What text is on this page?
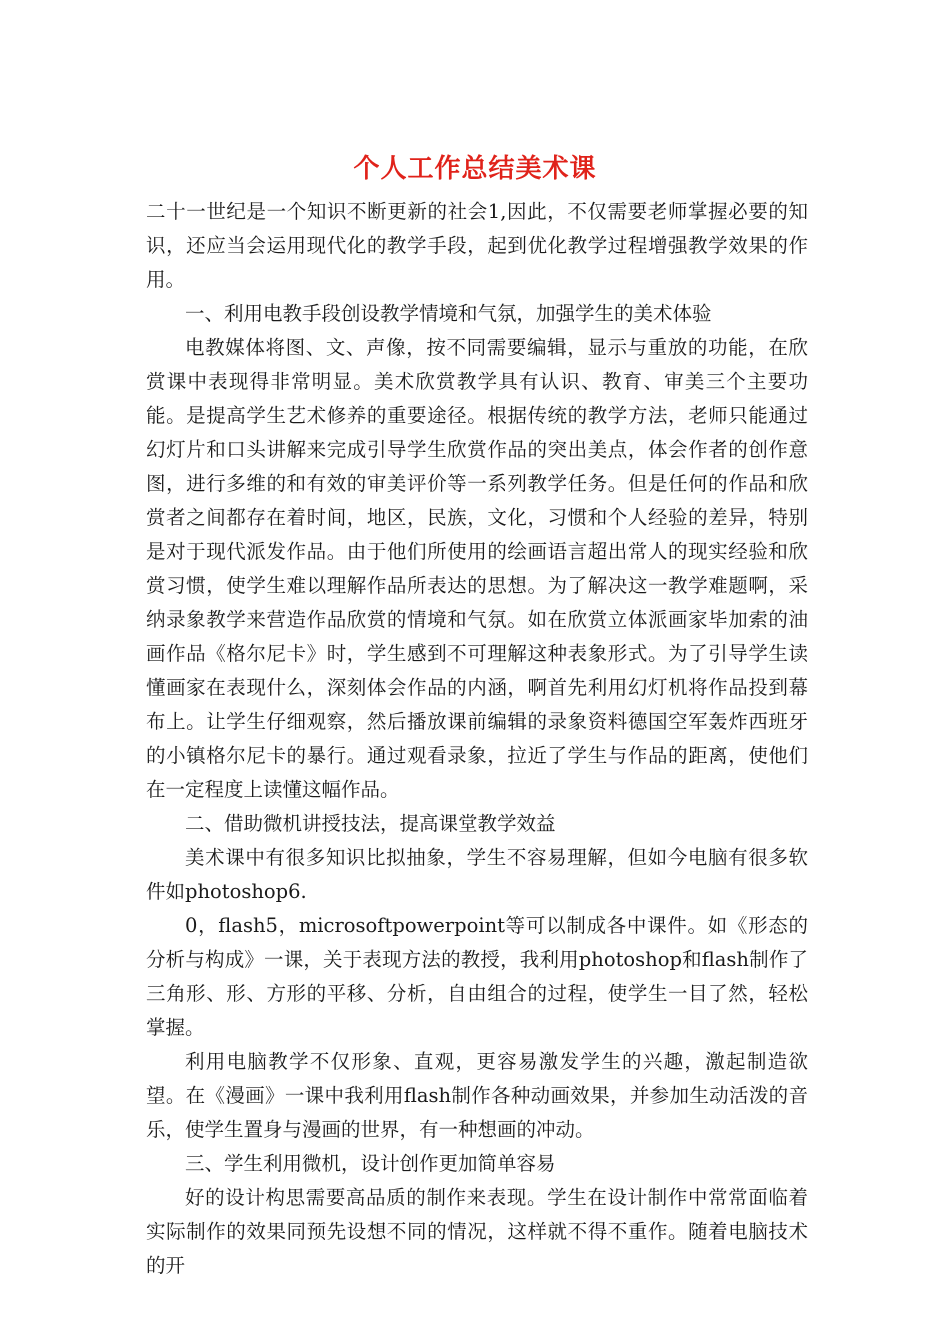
个人工作总结美术课

二十一世纪是一个知识不断更新的社会1,因此，不仅需要老师掌握必要的知识，还应当会运用现代化的教学手段，起到优化教学过程增强教学效果的作用。

一、利用电教手段创设教学情境和气氛，加强学生的美术体验

电教媒体将图、文、声像，按不同需要编辑，显示与重放的功能，在欣赏课中表现得非常明显。美术欣赏教学具有认识、教育、审美三个主要功能。是提高学生艺术修养的重要途径。根据传统的教学方法，老师只能通过幻灯片和口头讲解来完成引导学生欣赏作品的突出美点，体会作者的创作意图，进行多维的和有效的审美评价等一系列教学任务。但是任何的作品和欣赏者之间都存在着时间，地区，民族，文化，习惯和个人经验的差异，特别是对于现代派发作品。由于他们所使用的绘画语言超出常人的现实经验和欣赏习惯，使学生难以理解作品所表达的思想。为了解决这一教学难题啊，采纳录象教学来营造作品欣赏的情境和气氛。如在欣赏立体派画家毕加索的油画作品《格尔尼卡》时，学生感到不可理解这种表象形式。为了引导学生读懂画家在表现什么，深刻体会作品的内涵，啊首先利用幻灯机将作品投到幕布上。让学生仔细观察，然后播放课前编辑的录象资料德国空军轰炸西班牙的小镇格尔尼卡的暴行。通过观看录象，拉近了学生与作品的距离，使他们在一定程度上读懂这幅作品。

二、借助微机讲授技法，提高课堂教学效益

美术课中有很多知识比拟抽象，学生不容易理解，但如今电脑有很多软件如photoshop6.

0，flash5，microsoftpowerpoint等可以制成各中课件。如《形态的分析与构成》一课，关于表现方法的教授，我利用photoshop和flash制作了三角形、形、方形的平移、分析，自由组合的过程，使学生一目了然，轻松掌握。

利用电脑教学不仅形象、直观，更容易激发学生的兴趣，激起制造欲望。在《漫画》一课中我利用flash制作各种动画效果，并参加生动活泼的音乐，使学生置身与漫画的世界，有一种想画的冲动。

三、学生利用微机，设计创作更加简单容易

好的设计构思需要高品质的制作来表现。学生在设计制作中常常面临着实际制作的效果同预先设想不同的情况，这样就不得不重作。随着电脑技术的开
